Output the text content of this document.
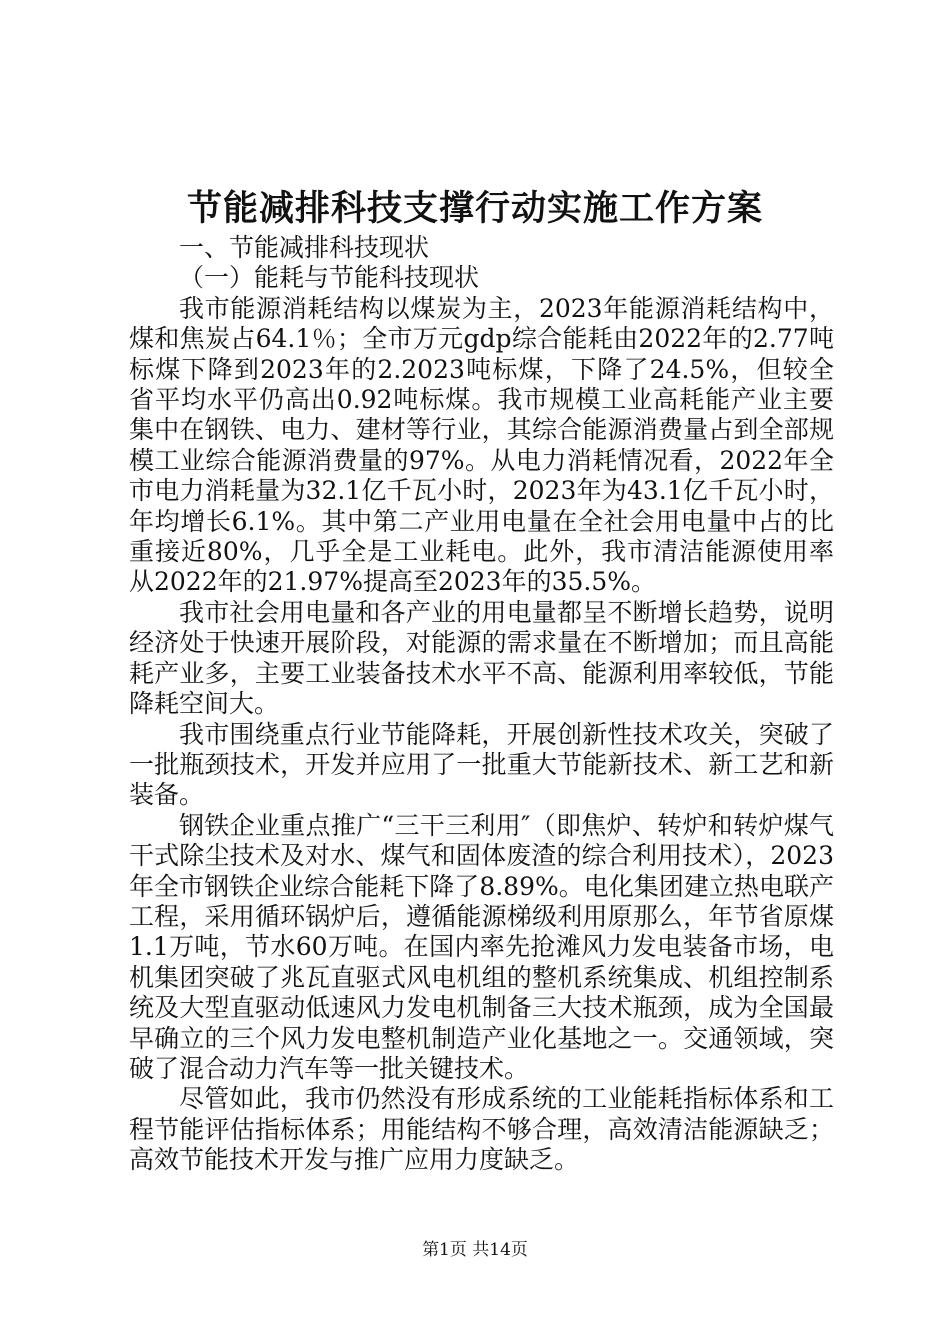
节能减排科技支撑行动实施工作方案

一、节能减排科技现状

（一）能耗与节能科技现状

我市能源消耗结构以煤炭为主，2023年能源消耗结构中，煤和焦炭占64.1％；全市万元gdp综合能耗由2022年的2.77吨标煤下降到2023年的2.2023吨标煤，下降了24.5%，但较全省平均水平仍高出0.92吨标煤。我市规模工业高耗能产业主要集中在钢铁、电力、建材等行业，其综合能源消费量占到全部规模工业综合能源消费量的97%。从电力消耗情况看，2022年全市电力消耗量为32.1亿千瓦小时，2023年为43.1亿千瓦小时，年均增长6.1%。其中第二产业用电量在全社会用电量中占的比重接近80%，几乎全是工业耗电。此外，我市清洁能源使用率从2022年的21.97%提高至2023年的35.5%。

我市社会用电量和各产业的用电量都呈不断增长趋势，说明经济处于快速开展阶段，对能源的需求量在不断增加；而且高能耗产业多，主要工业装备技术水平不高、能源利用率较低，节能降耗空间大。

我市围绕重点行业节能降耗，开展创新性技术攻关，突破了一批瓶颈技术，开发并应用了一批重大节能新技术、新工艺和新装备。

钢铁企业重点推广“三干三利用″（即焦炉、转炉和转炉煤气干式除尘技术及对水、煤气和固体废渣的综合利用技术），2023年全市钢铁企业综合能耗下降了8.89%。电化集团建立热电联产工程，采用循环锅炉后，遵循能源梯级利用原那么，年节省原煤1.1万吨，节水60万吨。在国内率先抢滩风力发电装备市场，电机集团突破了兆瓦直驱式风电机组的整机系统集成、机组控制系统及大型直驱动低速风力发电机制备三大技术瓶颈，成为全国最早确立的三个风力发电整机制造产业化基地之一。交通领域，突破了混合动力汽车等一批关键技术。

尽管如此，我市仍然没有形成系统的工业能耗指标体系和工程节能评估指标体系；用能结构不够合理，高效清洁能源缺乏；高效节能技术开发与推广应用力度缺乏。

第1页 共14页
